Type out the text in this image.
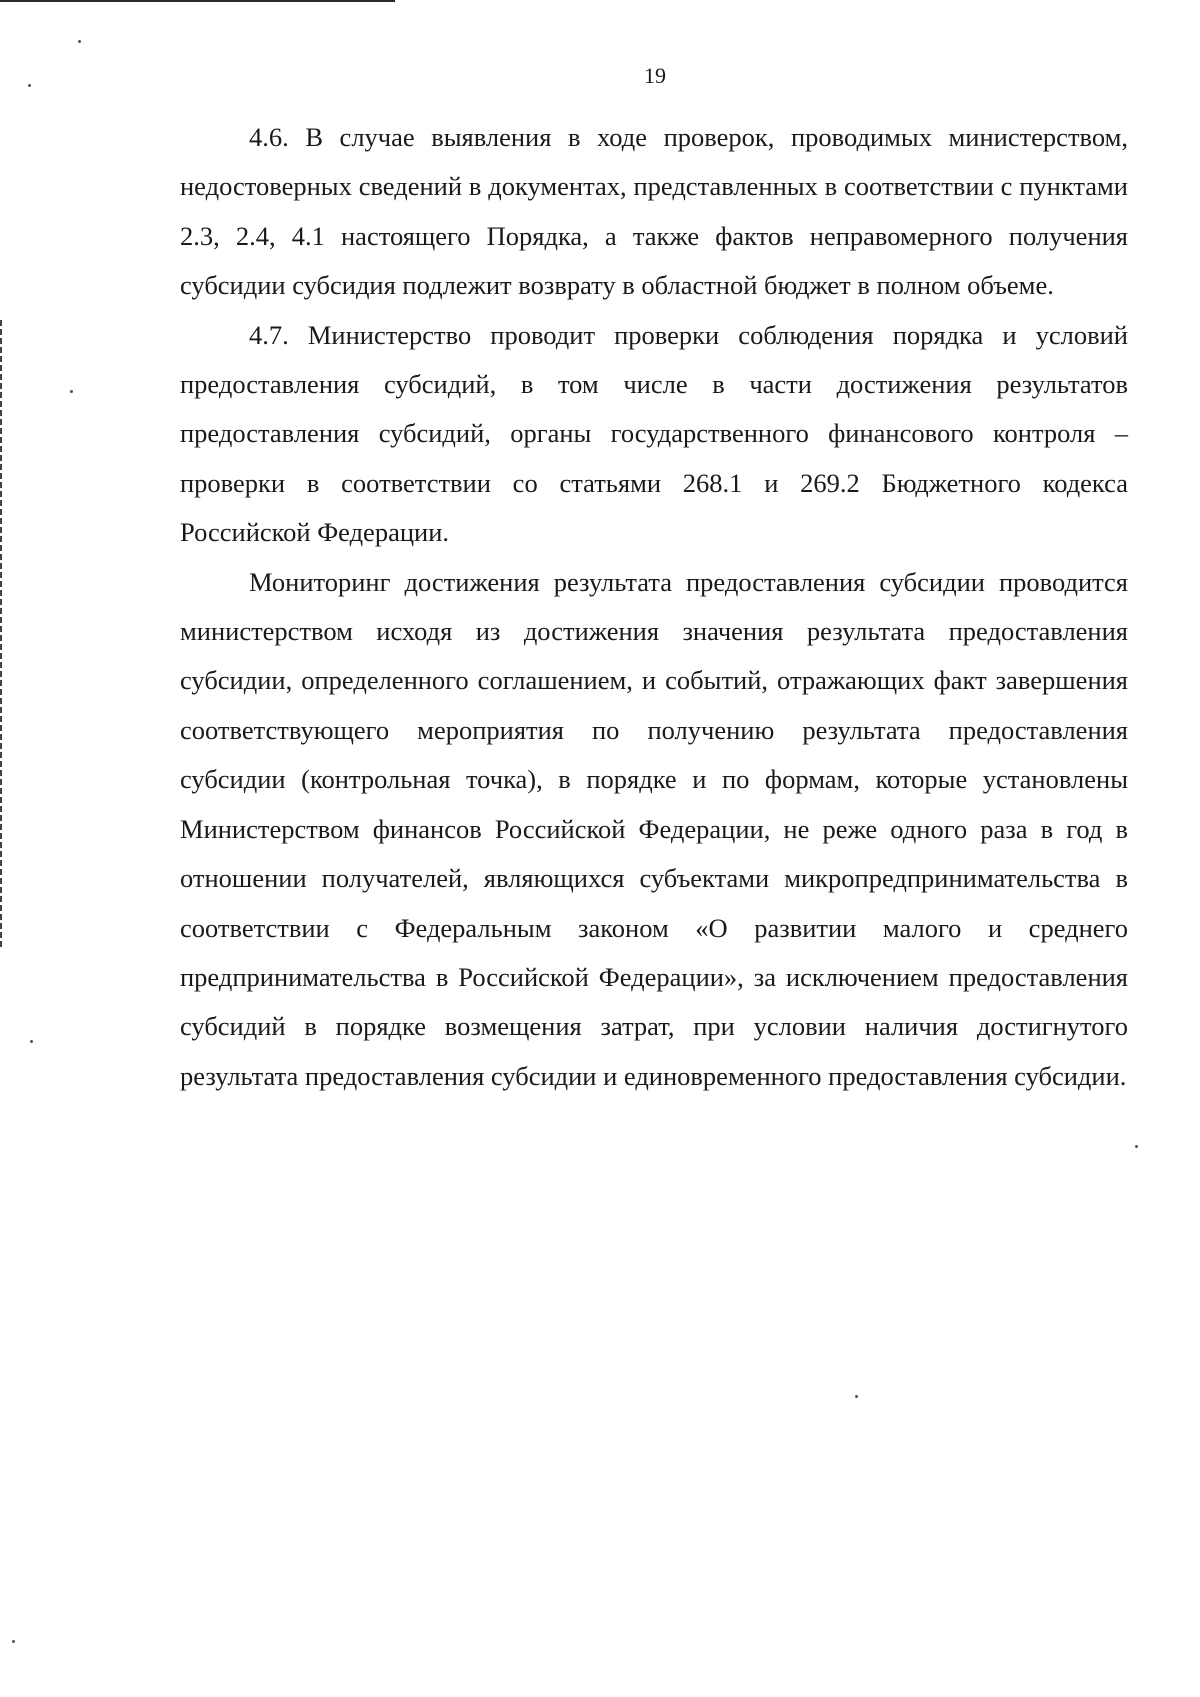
19

4.6. В случае выявления в ходе проверок, проводимых министерством, недостоверных сведений в документах, представленных в соответствии с пунктами 2.3, 2.4, 4.1 настоящего Порядка, а также фактов неправомерного получения субсидии субсидия подлежит возврату в областной бюджет в полном объеме.

4.7. Министерство проводит проверки соблюдения порядка и условий предоставления субсидий, в том числе в части достижения результатов предоставления субсидий, органы государственного финансового контроля – проверки в соответствии со статьями 268.1 и 269.2 Бюджетного кодекса Российской Федерации.

Мониторинг достижения результата предоставления субсидии проводится министерством исходя из достижения значения результата предоставления субсидии, определенного соглашением, и событий, отражающих факт завершения соответствующего мероприятия по получению результата предоставления субсидии (контрольная точка), в порядке и по формам, которые установлены Министерством финансов Российской Федерации, не реже одного раза в год в отношении получателей, являющихся субъектами микропредпринимательства в соответствии с Федеральным законом «О развитии малого и среднего предпринимательства в Российской Федерации», за исключением предоставления субсидий в порядке возмещения затрат, при условии наличия достигнутого результата предоставления субсидии и единовременного предоставления субсидии.
